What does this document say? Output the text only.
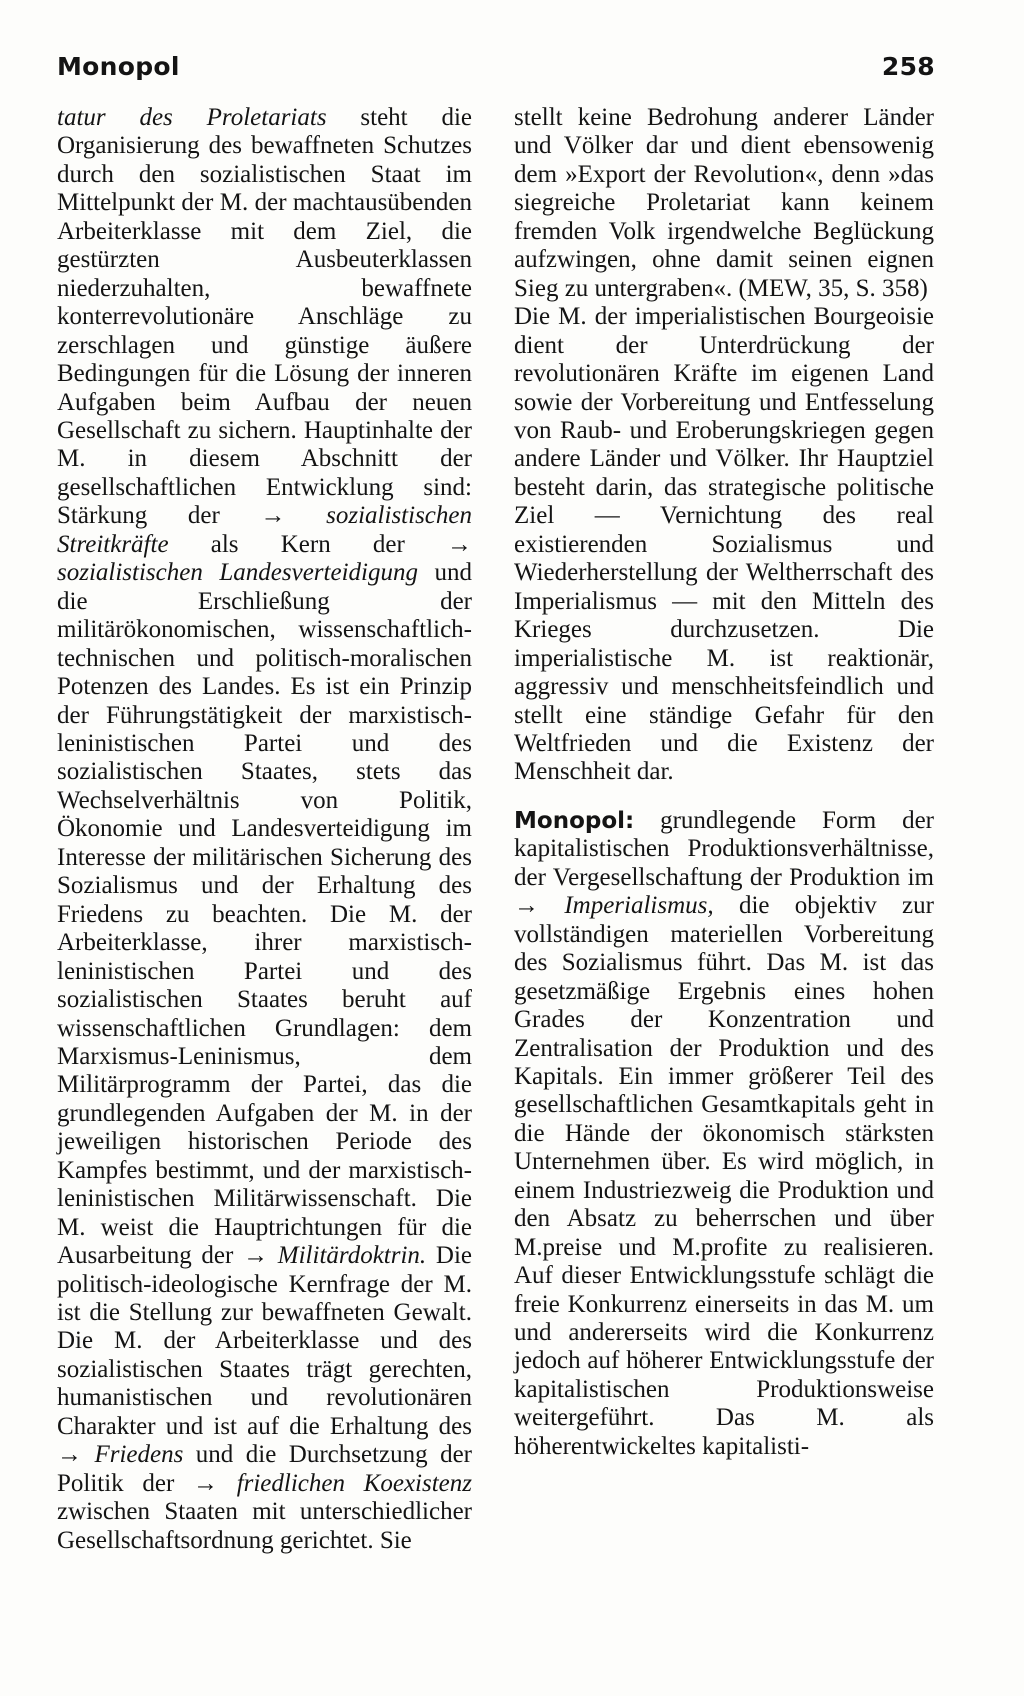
Monopol	258

tatur des Proletariats steht die Organisierung des bewaffneten Schutzes durch den sozialistischen Staat im Mittelpunkt der M. der machtausübenden Arbeiterklasse mit dem Ziel, die gestürzten Ausbeuterklassen niederzuhalten, bewaffnete konterrevolutionäre Anschläge zu zerschlagen und günstige äußere Bedingungen für die Lösung der inneren Aufgaben beim Aufbau der neuen Gesellschaft zu sichern. Hauptinhalte der M. in diesem Abschnitt der gesellschaftlichen Entwicklung sind: Stärkung der → sozialistischen Streitkräfte als Kern der → sozialistischen Landesverteidigung und die Erschließung der militärökonomischen, wissenschaftlich-technischen und politisch-moralischen Potenzen des Landes. Es ist ein Prinzip der Führungstätigkeit der marxistisch-leninistischen Partei und des sozialistischen Staates, stets das Wechselverhältnis von Politik, Ökonomie und Landesverteidigung im Interesse der militärischen Sicherung des Sozialismus und der Erhaltung des Friedens zu beachten. Die M. der Arbeiterklasse, ihrer marxistisch-leninistischen Partei und des sozialistischen Staates beruht auf wissenschaftlichen Grundlagen: dem Marxismus-Leninismus, dem Militärprogramm der Partei, das die grundlegenden Aufgaben der M. in der jeweiligen historischen Periode des Kampfes bestimmt, und der marxistisch-leninistischen Militärwissenschaft. Die M. weist die Hauptrichtungen für die Ausarbeitung der → Militärdoktrin. Die politisch-ideologische Kernfrage der M. ist die Stellung zur bewaffneten Gewalt. Die M. der Arbeiterklasse und des sozialistischen Staates trägt gerechten, humanistischen und revolutionären Charakter und ist auf die Erhaltung des → Friedens und die Durchsetzung der Politik der → friedlichen Koexistenz zwischen Staaten mit unterschiedlicher Gesellschaftsordnung gerichtet. Sie

stellt keine Bedrohung anderer Länder und Völker dar und dient ebensowenig dem »Export der Revolution«, denn »das siegreiche Proletariat kann keinem fremden Volk irgendwelche Beglückung aufzwingen, ohne damit seinen eignen Sieg zu untergraben«. (MEW, 35, S. 358)

Die M. der imperialistischen Bourgeoisie dient der Unterdrückung der revolutionären Kräfte im eigenen Land sowie der Vorbereitung und Entfesselung von Raub- und Eroberungskriegen gegen andere Länder und Völker. Ihr Hauptziel besteht darin, das strategische politische Ziel — Vernichtung des real existierenden Sozialismus und Wiederherstellung der Weltherrschaft des Imperialismus — mit den Mitteln des Krieges durchzusetzen. Die imperialistische M. ist reaktionär, aggressiv und menschheitsfeindlich und stellt eine ständige Gefahr für den Weltfrieden und die Existenz der Menschheit dar.

Monopol: grundlegende Form der kapitalistischen Produktionsverhältnisse, der Vergesellschaftung der Produktion im → Imperialismus, die objektiv zur vollständigen materiellen Vorbereitung des Sozialismus führt. Das M. ist das gesetzmäßige Ergebnis eines hohen Grades der Konzentration und Zentralisation der Produktion und des Kapitals. Ein immer größerer Teil des gesellschaftlichen Gesamtkapitals geht in die Hände der ökonomisch stärksten Unternehmen über. Es wird möglich, in einem Industriezweig die Produktion und den Absatz zu beherrschen und über M.preise und M.profite zu realisieren. Auf dieser Entwicklungsstufe schlägt die freie Konkurrenz einerseits in das M. um und andererseits wird die Konkurrenz jedoch auf höherer Entwicklungsstufe der kapitalistischen Produktionsweise weitergeführt. Das M. als höherentwickeltes kapitalisti-
